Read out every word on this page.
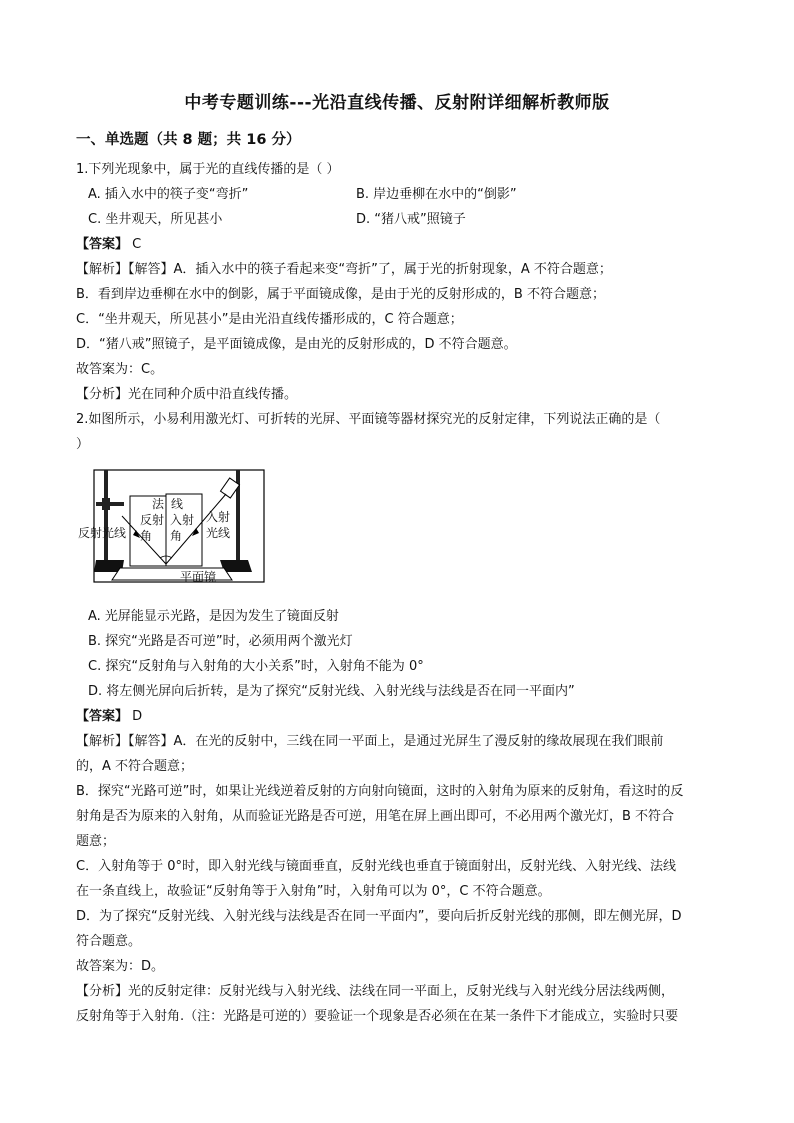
中考专题训练---光沿直线传播、反射附详细解析教师版
一、单选题（共 8 题；共 16 分）
1.下列光现象中，属于光的直线传播的是（ ）
A. 插入水中的筷子变“弯折”	B. 岸边垂柳在水中的“倒影”
C. 坐井观天，所见甚小	D. “猪八戒”照镜子
【答案】 C
【解析】【解答】A．插入水中的筷子看起来变“弯折”了，属于光的折射现象，A 不符合题意；
B．看到岸边垂柳在水中的倒影，属于平面镜成像，是由于光的反射形成的，B 不符合题意；
C．“坐井观天，所见甚小”是由光沿直线传播形成的，C 符合题意；
D．“猪八戒”照镜子，是平面镜成像，是由光的反射形成的，D 不符合题意。
故答案为：C。
【分析】光在同种介质中沿直线传播。
2.如图所示，小易利用激光灯、可折转的光屏、平面镜等器材探究光的反射定律，下列说法正确的是（
）
反射光线
法 线
反射角
入射角
入射光线
平面镜
A. 光屏能显示光路，是因为发生了镜面反射
B. 探究“光路是否可逆”时，必须用两个激光灯
C. 探究“反射角与入射角的大小关系”时，入射角不能为 0°
D. 将左侧光屏向后折转，是为了探究“反射光线、入射光线与法线是否在同一平面内”
【答案】 D
【解析】【解答】A．在光的反射中，三线在同一平面上，是通过光屏生了漫反射的缘故展现在我们眼前
的，A 不符合题意；
B．探究“光路可逆”时，如果让光线逆着反射的方向射向镜面，这时的入射角为原来的反射角，看这时的反
射角是否为原来的入射角，从而验证光路是否可逆，用笔在屏上画出即可，不必用两个激光灯，B 不符合
题意；
C．入射角等于 0°时，即入射光线与镜面垂直，反射光线也垂直于镜面射出，反射光线、入射光线、法线
在一条直线上，故验证“反射角等于入射角”时，入射角可以为 0°，C 不符合题意。
D．为了探究“反射光线、入射光线与法线是否在同一平面内”，要向后折反射光线的那侧，即左侧光屏，D
符合题意。
故答案为：D。
【分析】光的反射定律：反射光线与入射光线、法线在同一平面上，反射光线与入射光线分居法线两侧，
反射角等于入射角.（注：光路是可逆的）要验证一个现象是否必须在在某一条件下才能成立，实验时只要
